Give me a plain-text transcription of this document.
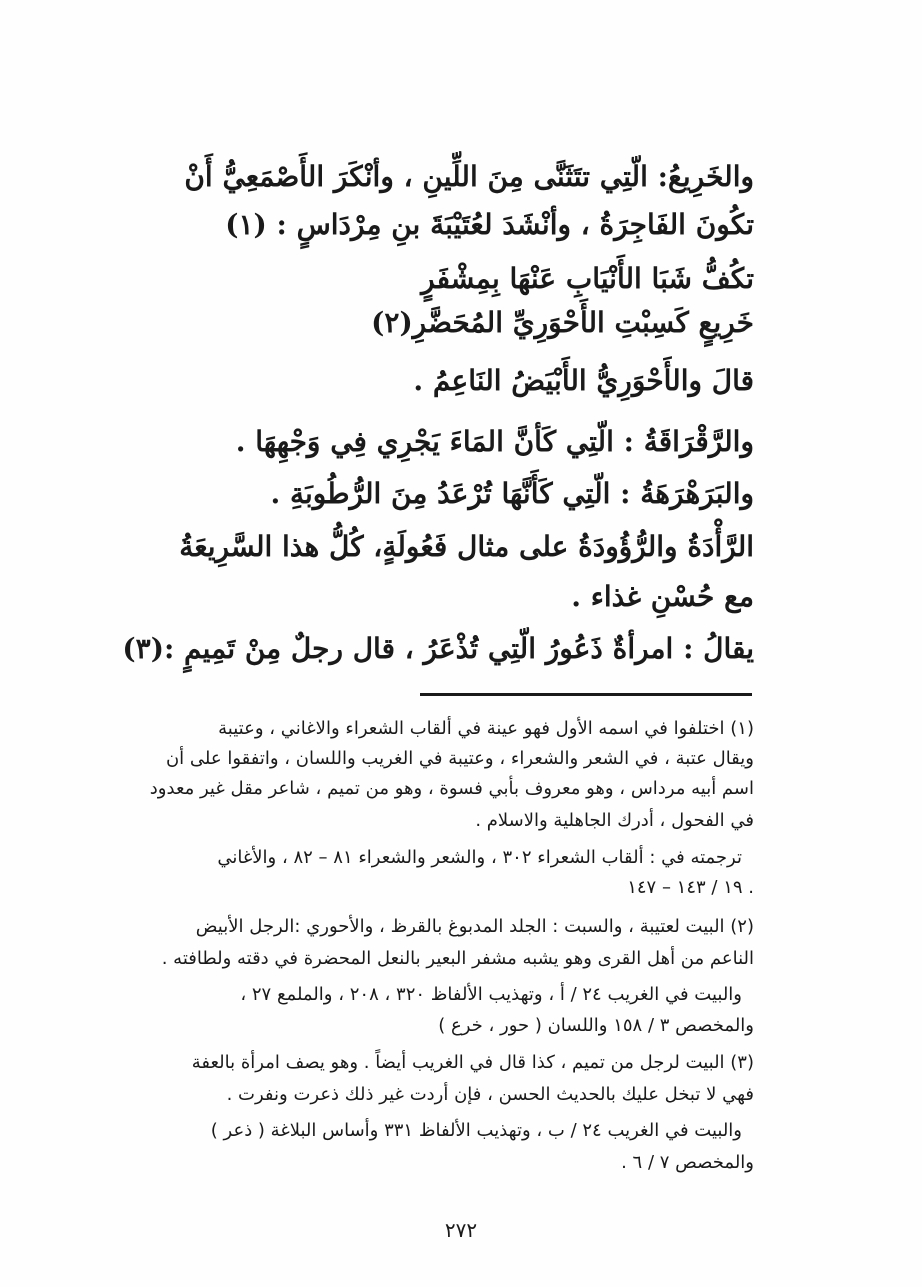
والخَرِيعُ: الّتِي تتَثَنَّى مِنَ اللِّينِ ، وأنْكَرَ الأَصْمَعِيُّ أَنْ
تكُونَ الفَاجِرَةُ ، وأنْشَدَ لعُتَيْبَةَ بنِ مِرْدَاسٍ : (١)
تكُفُّ شَبَا الأَنْيَابِ عَنْهَا بِمِشْفَرٍ
خَرِيعٍ كَسِبْتِ الأَحْوَرِيِّ المُحَضَّرِ(٢)
قالَ والأَحْوَرِيُّ الأَبْيَضُ النَاعِمُ .
والرَّقْرَاقَةُ : الّتِي كَأنَّ المَاءَ يَجْرِي فِي وَجْهِهَا .
والبَرَهْرَهَةُ : الّتِي كَأَنَّهَا تُرْعَدُ مِنَ الرُّطُوبَةِ .
الرَّأْدَةُ والرُّؤُودَةُ على مثال فَعُولَةٍ، كُلُّ هذا السَّرِيعَةُ
مع حُسْنِ غذاء .
يقالُ : امرأةٌ ذَعُورُ الّتِي تُذْعَرُ ، قال رجلٌ مِنْ تَمِيمٍ :(٣)
(١) اختلفوا في اسمه الأول فهو عينة في ألقاب الشعراء والاغاني ، وعتيبة
ويقال عتبة ، في الشعر والشعراء ، وعتيبة في الغريب واللسان ، واتفقوا على أن
اسم أبيه مرداس ، وهو معروف بأبي فسوة ، وهو من تميم ، شاعر مقل غير معدود
في الفحول ، أدرك الجاهلية والاسلام .
ترجمته في : ألقاب الشعراء ٣٠٢ ، والشعر والشعراء ٨١ – ٨٢ ، والأغاني
١٩ / ١٤٣ – ١٤٧ .
(٢) البيت لعتيبة ، والسبت : الجلد المدبوغ بالقرظ ، والأحوري :الرجل الأبيض
الناعم من أهل القرى وهو يشبه مشفر البعير بالنعل المحضرة في دقته ولطافته .
والبيت في الغريب ٢٤ / أ ، وتهذيب الألفاظ ٣٢٠ ، ٢٠٨ ، والملمع ٢٧ ،
والمخصص ٣ / ١٥٨ واللسان ( حور ، خرع )
(٣) البيت لرجل من تميم ، كذا قال في الغريب أيضاً . وهو يصف امرأة بالعفة
فهي لا تبخل عليك بالحديث الحسن ، فإن أردت غير ذلك ذعرت ونفرت .
والبيت في الغريب ٢٤ / ب ، وتهذيب الألفاظ ٣٣١ وأساس البلاغة ( ذعر )
والمخصص ٧ / ٦ .
٢٧٢
